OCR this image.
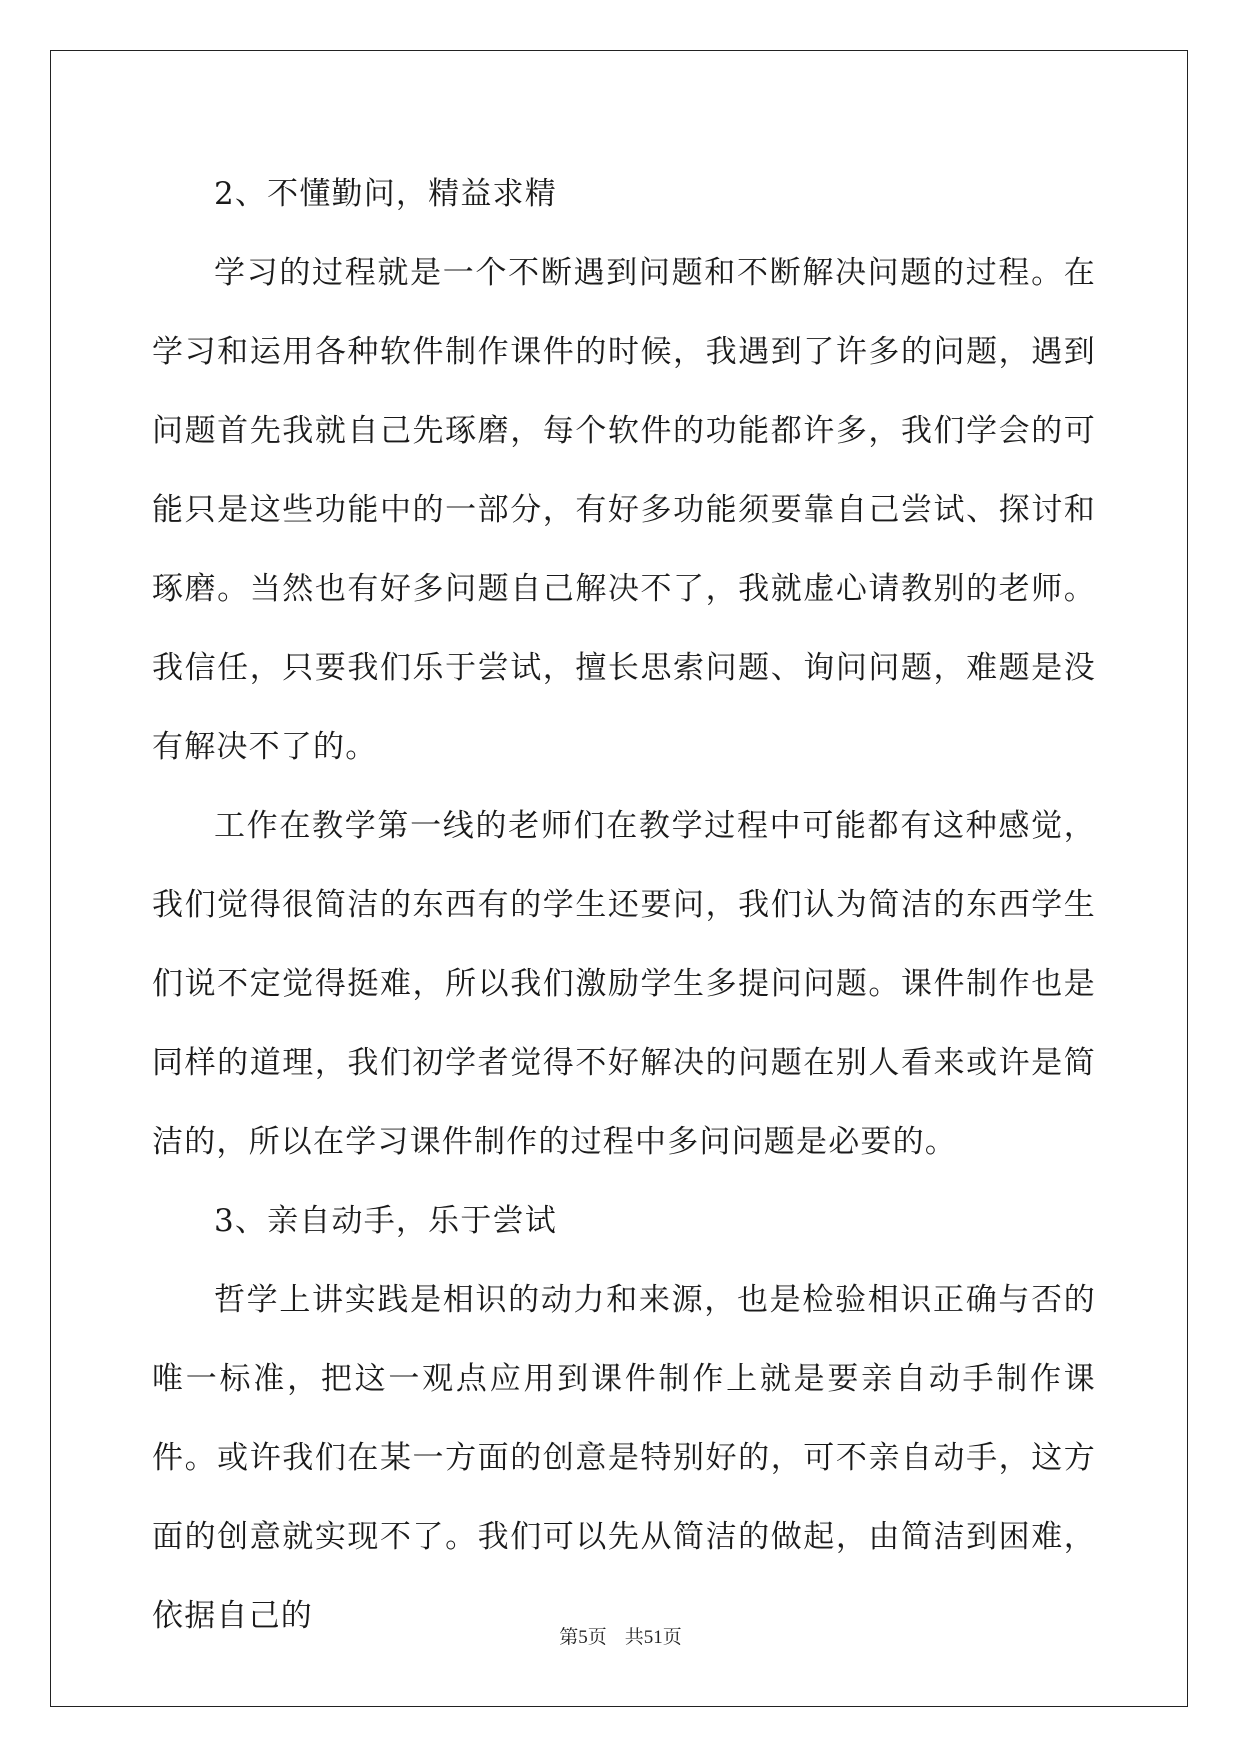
2、不懂勤问，精益求精

学习的过程就是一个不断遇到问题和不断解决问题的过程。在学习和运用各种软件制作课件的时候，我遇到了许多的问题，遇到问题首先我就自己先琢磨，每个软件的功能都许多，我们学会的可能只是这些功能中的一部分，有好多功能须要靠自己尝试、探讨和琢磨。当然也有好多问题自己解决不了，我就虚心请教别的老师。我信任，只要我们乐于尝试，擅长思索问题、询问问题，难题是没有解决不了的。

工作在教学第一线的老师们在教学过程中可能都有这种感觉，我们觉得很简洁的东西有的学生还要问，我们认为简洁的东西学生们说不定觉得挺难，所以我们激励学生多提问问题。课件制作也是同样的道理，我们初学者觉得不好解决的问题在别人看来或许是简洁的，所以在学习课件制作的过程中多问问题是必要的。

3、亲自动手，乐于尝试

哲学上讲实践是相识的动力和来源，也是检验相识正确与否的唯一标准，把这一观点应用到课件制作上就是要亲自动手制作课件。或许我们在某一方面的创意是特别好的，可不亲自动手，这方面的创意就实现不了。我们可以先从简洁的做起，由简洁到困难，依据自己的

第5页 共51页
